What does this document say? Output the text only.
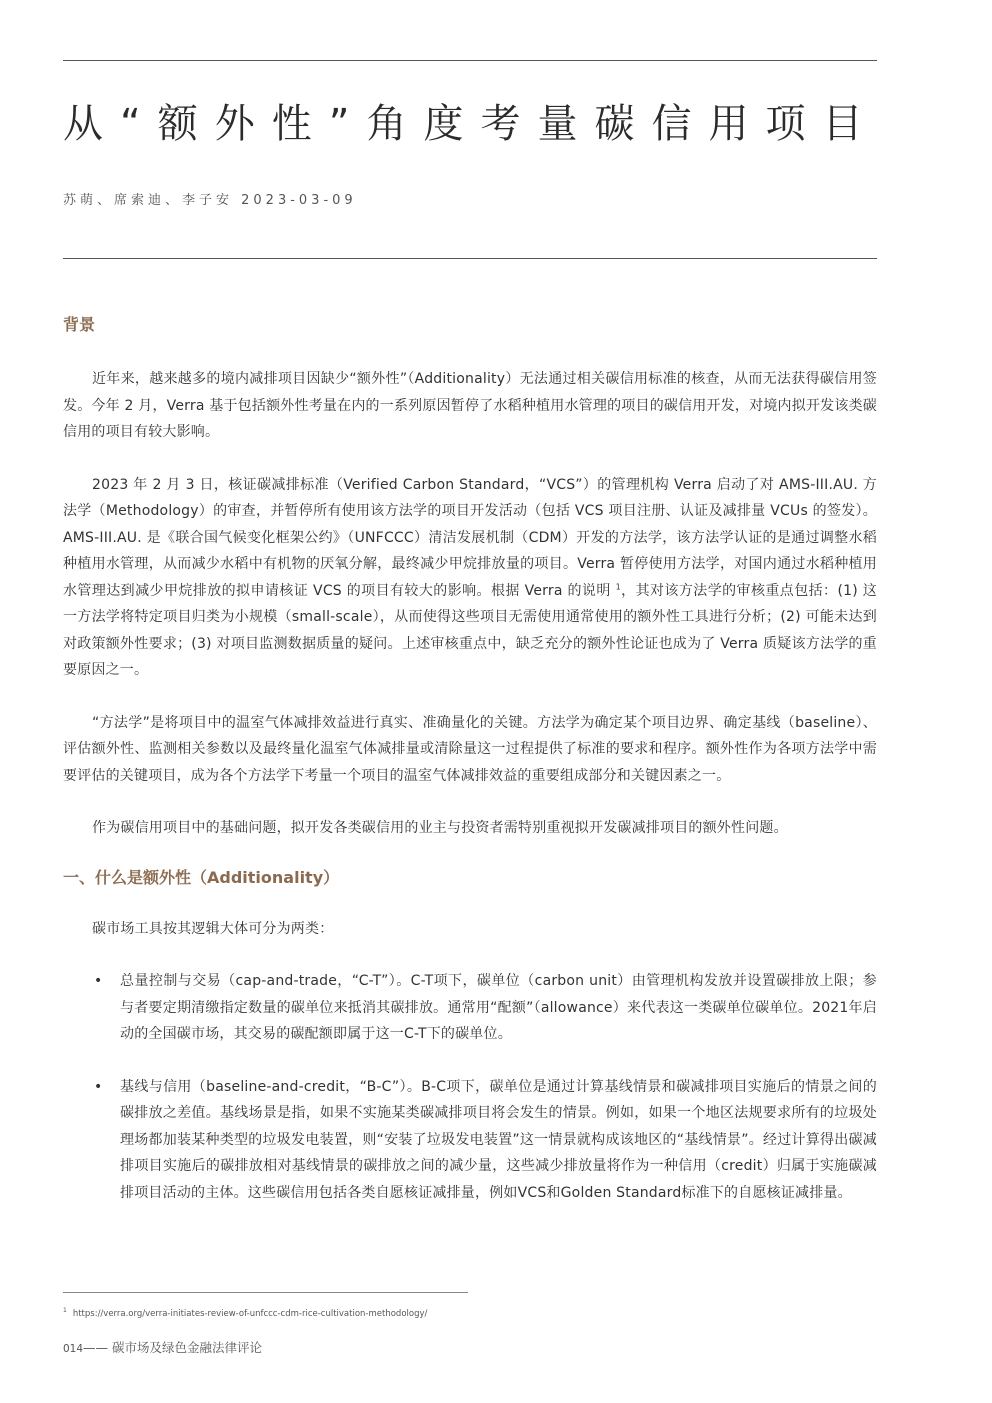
从“额外性”角度考量碳信用项目
苏萌、席索迪、李子安 2023-03-09
背景

近年来，越来越多的境内减排项目因缺少“额外性”（Additionality）无法通过相关碳信用标准的核查，从而无法获得碳信用签发。今年 2 月，Verra 基于包括额外性考量在内的一系列原因暂停了水稻种植用水管理的项目的碳信用开发，对境内拟开发该类碳信用的项目有较大影响。

2023 年 2 月 3 日，核证碳减排标准（Verified Carbon Standard，“VCS”）的管理机构 Verra 启动了对 AMS-III.AU. 方法学（Methodology）的审查，并暂停所有使用该方法学的项目开发活动（包括 VCS 项目注册、认证及减排量 VCUs 的签发）。AMS-III.AU. 是《联合国气候变化框架公约》（UNFCCC）清洁发展机制（CDM）开发的方法学，该方法学认证的是通过调整水稻种植用水管理，从而减少水稻中有机物的厌氧分解，最终减少甲烷排放量的项目。Verra 暂停使用方法学，对国内通过水稻种植用水管理达到减少甲烷排放的拟申请核证 VCS 的项目有较大的影响。根据 Verra 的说明 $^1$，其对该方法学的审核重点包括：(1) 这一方法学将特定项目归类为小规模（small-scale），从而使得这些项目无需使用通常使用的额外性工具进行分析；(2) 可能未达到对政策额外性要求；(3) 对项目监测数据质量的疑问。上述审核重点中，缺乏充分的额外性论证也成为了 Verra 质疑该方法学的重要原因之一。

“方法学”是将项目中的温室气体减排效益进行真实、准确量化的关键。方法学为确定某个项目边界、确定基线（baseline）、评估额外性、监测相关参数以及最终量化温室气体减排量或清除量这一过程提供了标准的要求和程序。额外性作为各项方法学中需要评估的关键项目，成为各个方法学下考量一个项目的温室气体减排效益的重要组成部分和关键因素之一。

作为碳信用项目中的基础问题，拟开发各类碳信用的业主与投资者需特别重视拟开发碳减排项目的额外性问题。

一、什么是额外性（Additionality）

碳市场工具按其逻辑大体可分为两类：

• 总量控制与交易（cap-and-trade，“C-T”）。C-T项下，碳单位（carbon unit）由管理机构发放并设置碳排放上限；参与者要定期清缴指定数量的碳单位来抵消其碳排放。通常用“配额”（allowance）来代表这一类碳单位碳单位。2021年启动的全国碳市场，其交易的碳配额即属于这一C-T下的碳单位。

• 基线与信用（baseline-and-credit，“B-C”）。B-C项下，碳单位是通过计算基线情景和碳减排项目实施后的情景之间的碳排放之差值。基线场景是指，如果不实施某类碳减排项目将会发生的情景。例如，如果一个地区法规要求所有的垃圾处理场都加装某种类型的垃圾发电装置，则“安装了垃圾发电装置”这一情景就构成该地区的“基线情景”。经过计算得出碳减排项目实施后的碳排放相对基线情景的碳排放之间的减少量，这些减少排放量将作为一种信用（credit）归属于实施碳减排项目活动的主体。这些碳信用包括各类自愿核证减排量，例如VCS和Golden Standard标准下的自愿核证减排量。

$^1$ https://verra.org/verra-initiates-review-of-unfccc-cdm-rice-cultivation-methodology/
014—— 碳市场及绿色金融法律评论
